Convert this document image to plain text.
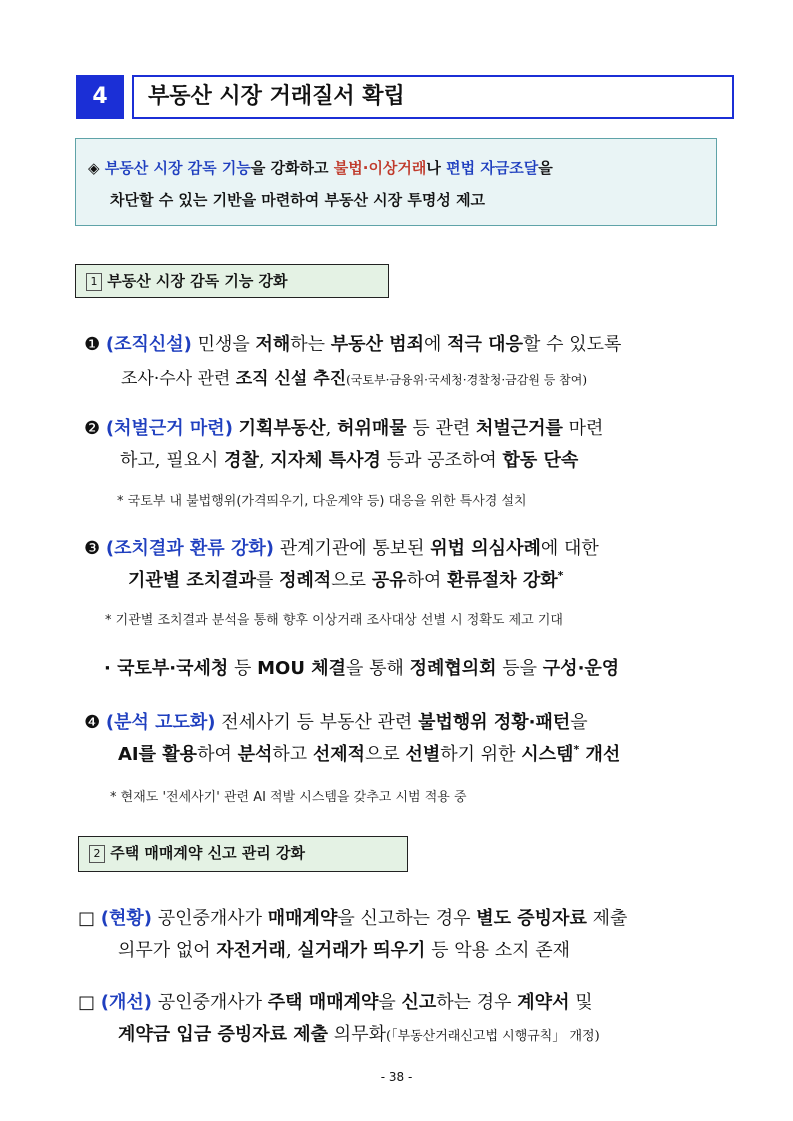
4	부동산 시장 거래질서 확립
◈ 부동산 시장 감독 기능을 강화하고 불법·이상거래나 편법 자금조달을
차단할 수 있는 기반을 마련하여 부동산 시장 투명성 제고
1 부동산 시장 감독 기능 강화
❶ (조직신설) 민생을 저해하는 부동산 범죄에 적극 대응할 수 있도록
조사·수사 관련 조직 신설 추진(국토부·금융위·국세청·경찰청·금감원 등 참여)
❷ (처벌근거 마련) 기획부동산, 허위매물 등 관련 처벌근거를 마련
하고, 필요시 경찰, 지자체 특사경 등과 공조하여 합동 단속
* 국토부 내 불법행위(가격띄우기, 다운계약 등) 대응을 위한 특사경 설치
❸ (조치결과 환류 강화) 관계기관에 통보된 위법 의심사례에 대한
기관별 조치결과를 정례적으로 공유하여 환류절차 강화*
* 기관별 조치결과 분석을 통해 향후 이상거래 조사대상 선별 시 정확도 제고 기대
· 국토부·국세청 등 MOU 체결을 통해 정례협의회 등을 구성·운영
❹ (분석 고도화) 전세사기 등 부동산 관련 불법행위 정황·패턴을
AI를 활용하여 분석하고 선제적으로 선별하기 위한 시스템* 개선
* 현재도 '전세사기' 관련 AI 적발 시스템을 갖추고 시범 적용 중
2 주택 매매계약 신고 관리 강화
□ (현황) 공인중개사가 매매계약을 신고하는 경우 별도 증빙자료 제출
의무가 없어 자전거래, 실거래가 띄우기 등 악용 소지 존재
□ (개선) 공인중개사가 주택 매매계약을 신고하는 경우 계약서 및
계약금 입금 증빙자료 제출 의무화(「부동산거래신고법 시행규칙」 개정)
- 38 -
